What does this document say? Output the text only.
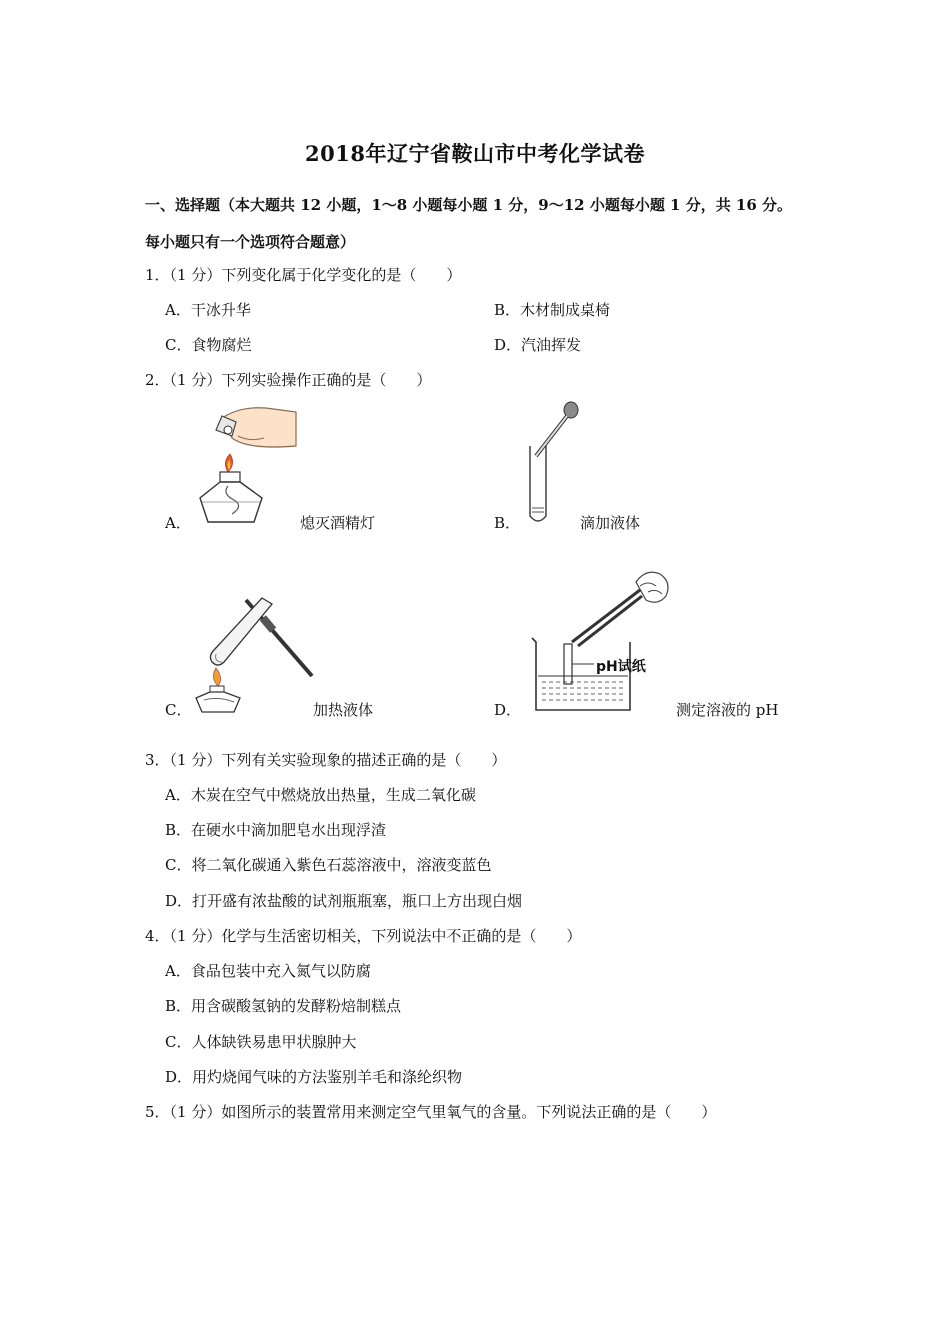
2018年辽宁省鞍山市中考化学试卷
一、选择题（本大题共 12 小题，1～8 小题每小题 1 分，9～12 小题每小题 1 分，共 16 分。
每小题只有一个选项符合题意）
1．（1 分）下列变化属于化学变化的是（　　）
A．干冰升华	B．木材制成桌椅
C．食物腐烂	D．汽油挥发
2．（1 分）下列实验操作正确的是（　　）
A．	熄灭酒精灯	B．	滴加液体
C．	加热液体
pH试纸
D．	测定溶液的 pH
3．（1 分）下列有关实验现象的描述正确的是（　　）
A．木炭在空气中燃烧放出热量，生成二氧化碳
B．在硬水中滴加肥皂水出现浮渣
C．将二氧化碳通入紫色石蕊溶液中，溶液变蓝色
D．打开盛有浓盐酸的试剂瓶瓶塞，瓶口上方出现白烟
4．（1 分）化学与生活密切相关，下列说法中不正确的是（　　）
A．食品包装中充入氮气以防腐
B．用含碳酸氢钠的发酵粉焙制糕点
C．人体缺铁易患甲状腺肿大
D．用灼烧闻气味的方法鉴别羊毛和涤纶织物
5．（1 分）如图所示的装置常用来测定空气里氧气的含量。下列说法正确的是（　　）
